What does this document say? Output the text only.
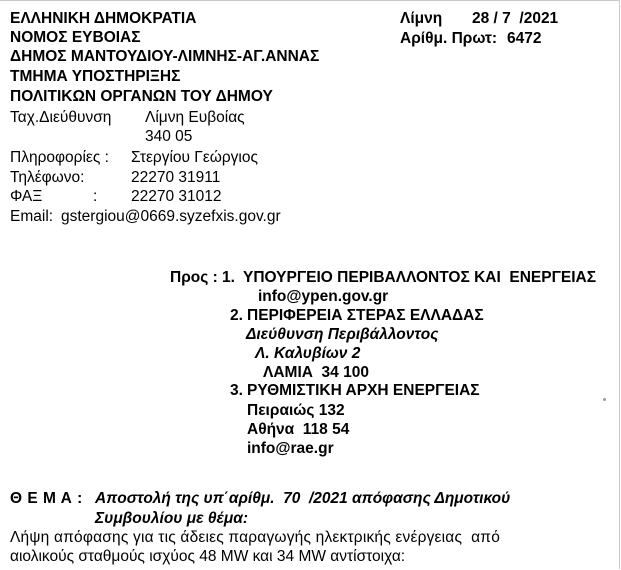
ΕΛΛΗΝΙΚΗ ΔΗΜΟΚΡΑΤΙΑ
ΝΟΜΟΣ ΕΥΒΟΙΑΣ
ΔΗΜΟΣ ΜΑΝΤΟΥΔΙΟΥ-ΛΙΜΝΗΣ-ΑΓ.ΑΝΝΑΣ
ΤΜΗΜΑ ΥΠΟΣΤΗΡΙΞΗΣ
ΠΟΛΙΤΙΚΩΝ ΟΡΓΑΝΩΝ ΤΟΥ ΔΗΜΟΥ
Ταχ.Διεύθυνση Λίμνη Ευβοίας
340 05
Πληροφορίες : Στεργίου Γεώργιος
Τηλέφωνο:	22270 31911
ΦΑΞ	: 22270 31012
Email: gstergiou@0669.syzefxis.gov.gr
Λίμνη 28 / 7  /2021
Αρίθμ. Πρωτ: 6472
Προς : 1. ΥΠΟΥΡΓΕΙΟ ΠΕΡΙΒΑΛΛΟΝΤΟΣ ΚΑΙ  ΕΝΕΡΓΕΙΑΣ
info@ypen.gov.gr
2. ΠΕΡΙΦΕΡΕΙΑ ΣΤΕΡΑΣ ΕΛΛΑΔΑΣ
Διεύθυνση Περιβάλλοντος
Λ. Καλυβίων 2
ΛΑΜΙΑ  34 100
3. ΡΥΘΜΙΣΤΙΚΗ ΑΡΧΗ ΕΝΕΡΓΕΙΑΣ
Πειραιώς 132
Αθήνα  118 54
info@rae.gr
Θ Ε Μ Α : Αποστολή της υπ΄αρίθμ.  70  /2021 απόφασης Δημοτικού
Συμβουλίου με θέμα:
Λήψη απόφασης για τις άδειες παραγωγής ηλεκτρικής ενέργειας  από
αιολικούς σταθμούς ισχύος 48 MW και 34 MW αντίστοιχα:
